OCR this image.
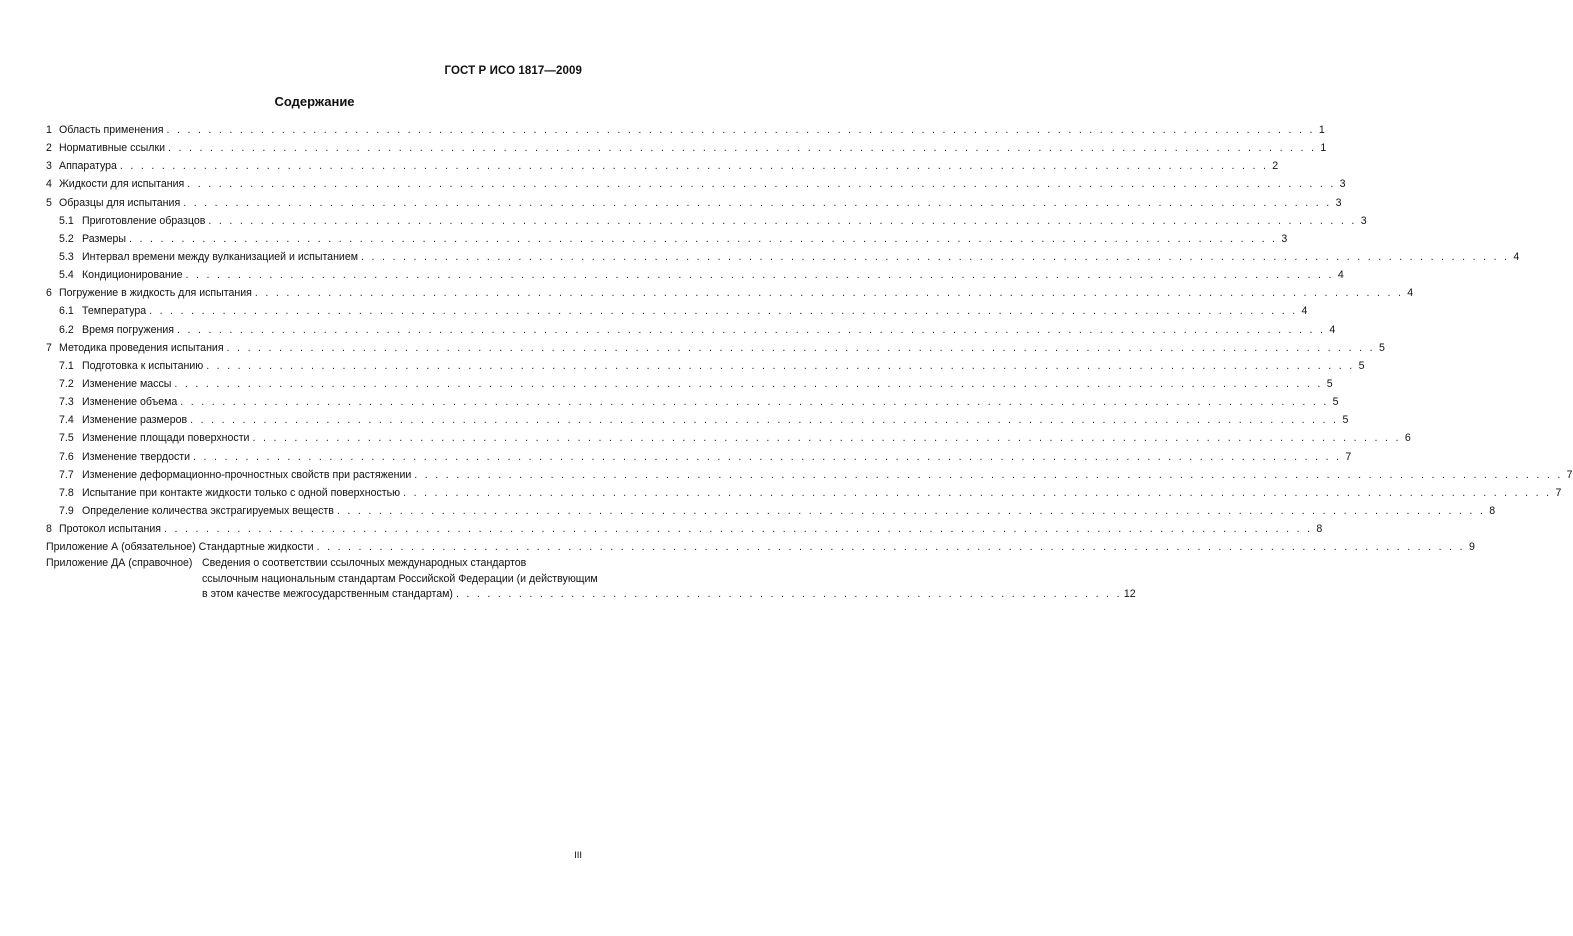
ГОСТ Р ИСО 1817—2009
Содержание
1 Область применения . . .	1
2 Нормативные ссылки . . .	1
3 Аппаратура . . .	2
4 Жидкости для испытания . . .	3
5 Образцы для испытания . . .	3
5.1 Приготовление образцов . . .	3
5.2 Размеры . . .	3
5.3 Интервал времени между вулканизацией и испытанием . . .	4
5.4 Кондиционирование . . .	4
6 Погружение в жидкость для испытания . . .	4
6.1 Температура . . .	4
6.2 Время погружения . . .	4
7 Методика проведения испытания . . .	5
7.1 Подготовка к испытанию . . .	5
7.2 Изменение массы . . .	5
7.3 Изменение объема . . .	5
7.4 Изменение размеров . . .	5
7.5 Изменение площади поверхности . . .	6
7.6 Изменение твердости . . .	7
7.7 Изменение деформационно-прочностных свойств при растяжении . . .	7
7.8 Испытание при контакте жидкости только с одной поверхностью . . .	7
7.9 Определение количества экстрагируемых веществ . . .	8
8 Протокол испытания . . .	8
Приложение А (обязательное) Стандартные жидкости . . .	9
Приложение ДА (справочное) Сведения о соответствии ссылочных международных стандартов
ссылочным национальным стандартам Российской Федерации (и действующим
в этом качестве межгосударственным стандартам) . . .	12
III
